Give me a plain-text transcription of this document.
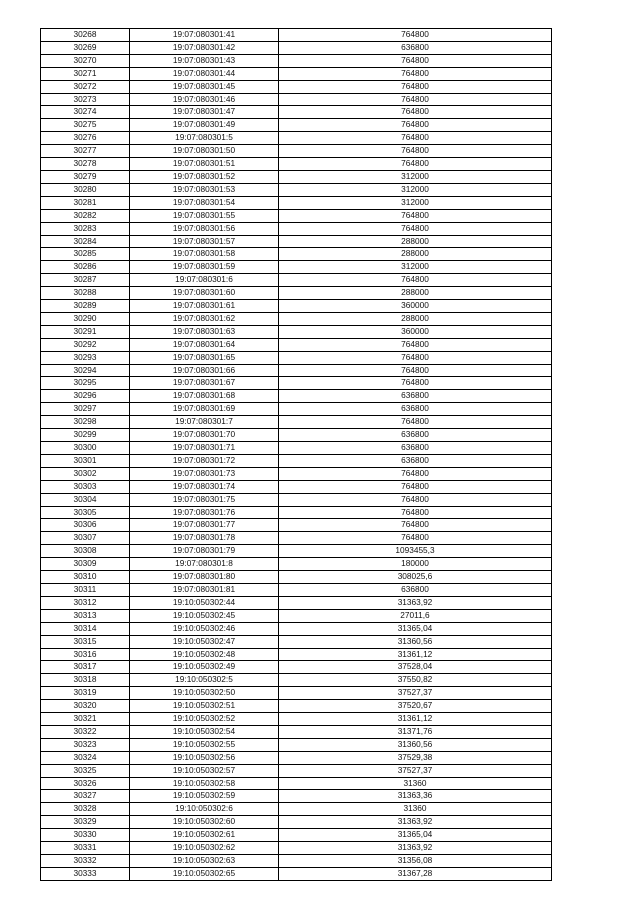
30268	19:07:080301:41	764800
30269	19:07:080301:42	636800
30270	19:07:080301:43	764800
30271	19:07:080301:44	764800
30272	19:07:080301:45	764800
30273	19:07:080301:46	764800
30274	19:07:080301:47	764800
30275	19:07:080301:49	764800
30276	19:07:080301:5	764800
30277	19:07:080301:50	764800
30278	19:07:080301:51	764800
30279	19:07:080301:52	312000
30280	19:07:080301:53	312000
30281	19:07:080301:54	312000
30282	19:07:080301:55	764800
30283	19:07:080301:56	764800
30284	19:07:080301:57	288000
30285	19:07:080301:58	288000
30286	19:07:080301:59	312000
30287	19:07:080301:6	764800
30288	19:07:080301:60	288000
30289	19:07:080301:61	360000
30290	19:07:080301:62	288000
30291	19:07:080301:63	360000
30292	19:07:080301:64	764800
30293	19:07:080301:65	764800
30294	19:07:080301:66	764800
30295	19:07:080301:67	764800
30296	19:07:080301:68	636800
30297	19:07:080301:69	636800
30298	19:07:080301:7	764800
30299	19:07:080301:70	636800
30300	19:07:080301:71	636800
30301	19:07:080301:72	636800
30302	19:07:080301:73	764800
30303	19:07:080301:74	764800
30304	19:07:080301:75	764800
30305	19:07:080301:76	764800
30306	19:07:080301:77	764800
30307	19:07:080301:78	764800
30308	19:07:080301:79	1093455,3
30309	19:07:080301:8	180000
30310	19:07:080301:80	308025,6
30311	19:07:080301:81	636800
30312	19:10:050302:44	31363,92
30313	19:10:050302:45	27011,6
30314	19:10:050302:46	31365,04
30315	19:10:050302:47	31360,56
30316	19:10:050302:48	31361,12
30317	19:10:050302:49	37528,04
30318	19:10:050302:5	37550,82
30319	19:10:050302:50	37527,37
30320	19:10:050302:51	37520,67
30321	19:10:050302:52	31361,12
30322	19:10:050302:54	31371,76
30323	19:10:050302:55	31360,56
30324	19:10:050302:56	37529,38
30325	19:10:050302:57	37527,37
30326	19:10:050302:58	31360
30327	19:10:050302:59	31363,36
30328	19:10:050302:6	31360
30329	19:10:050302:60	31363,92
30330	19:10:050302:61	31365,04
30331	19:10:050302:62	31363,92
30332	19:10:050302:63	31356,08
30333	19:10:050302:65	31367,28
